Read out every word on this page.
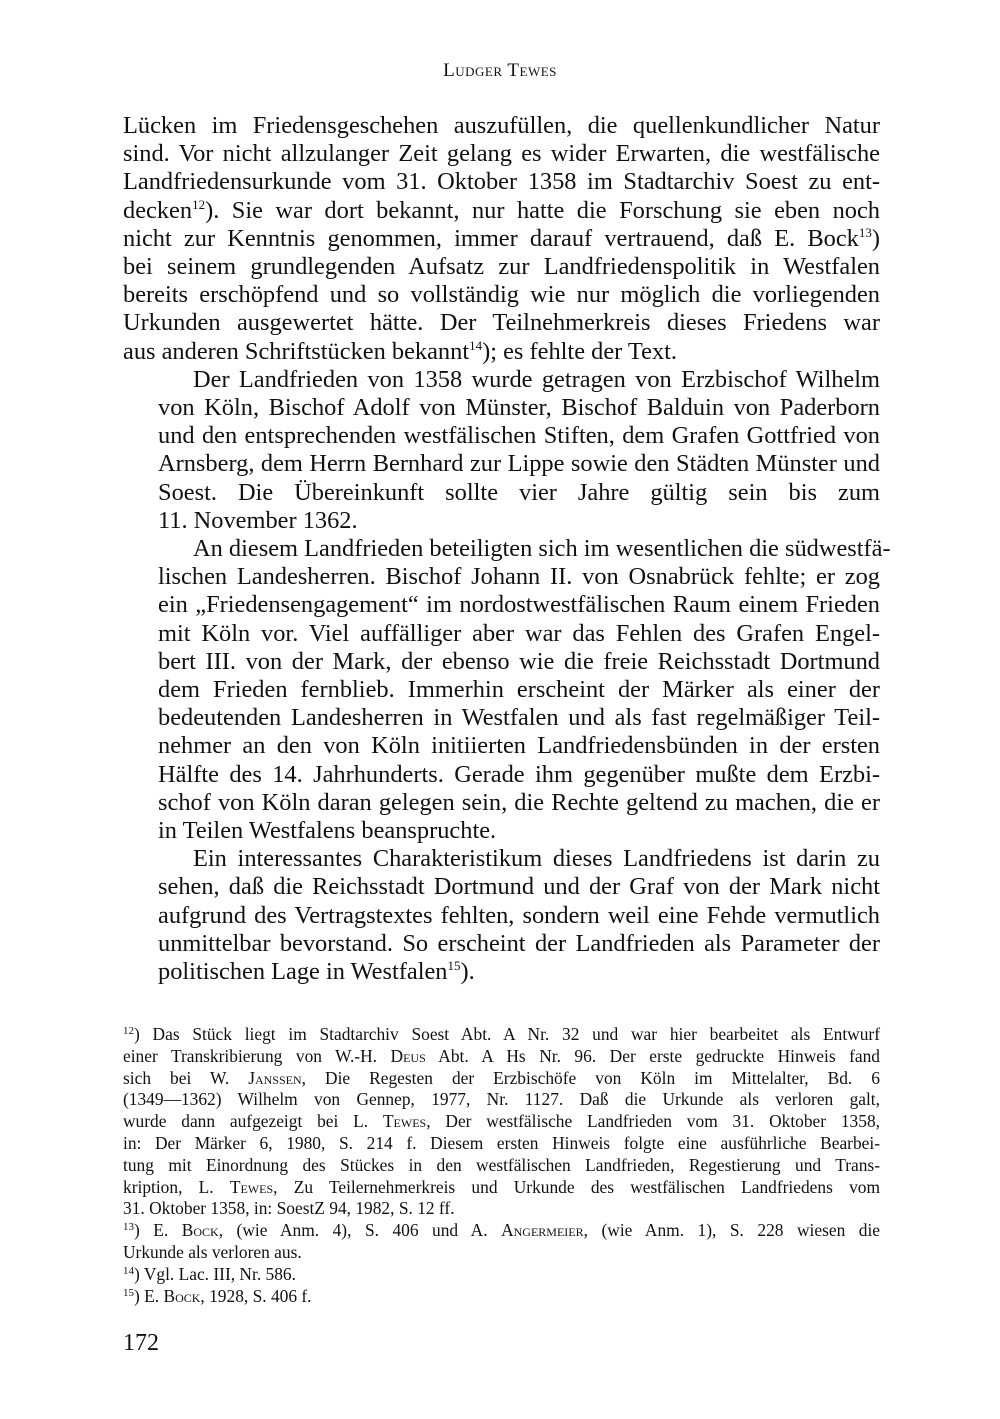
Ludger Tewes

Lücken im Friedensgeschehen auszufüllen, die quellenkundlicher Natur
sind. Vor nicht allzulanger Zeit gelang es wider Erwarten, die westfälische
Landfriedensurkunde vom 31. Oktober 1358 im Stadtarchiv Soest zu ent-
decken$^{12}$). Sie war dort bekannt, nur hatte die Forschung sie eben noch
nicht zur Kenntnis genommen, immer darauf vertrauend, daß E. Bock$^{13}$)
bei seinem grundlegenden Aufsatz zur Landfriedenspolitik in Westfalen
bereits erschöpfend und so vollständig wie nur möglich die vorliegenden
Urkunden ausgewertet hätte. Der Teilnehmerkreis dieses Friedens war
aus anderen Schriftstücken bekannt$^{14}$); es fehlte der Text.

Der Landfrieden von 1358 wurde getragen von Erzbischof Wilhelm
von Köln, Bischof Adolf von Münster, Bischof Balduin von Paderborn
und den entsprechenden westfälischen Stiften, dem Grafen Gottfried von
Arnsberg, dem Herrn Bernhard zur Lippe sowie den Städten Münster und
Soest. Die Übereinkunft sollte vier Jahre gültig sein bis zum
11. November 1362.

An diesem Landfrieden beteiligten sich im wesentlichen die südwestfä-
lischen Landesherren. Bischof Johann II. von Osnabrück fehlte; er zog
ein „Friedensengagement“ im nordostwestfälischen Raum einem Frieden
mit Köln vor. Viel auffälliger aber war das Fehlen des Grafen Engel-
bert III. von der Mark, der ebenso wie die freie Reichsstadt Dortmund
dem Frieden fernblieb. Immerhin erscheint der Märker als einer der
bedeutenden Landesherren in Westfalen und als fast regelmäßiger Teil-
nehmer an den von Köln initiierten Landfriedensbünden in der ersten
Hälfte des 14. Jahrhunderts. Gerade ihm gegenüber mußte dem Erzbi-
schof von Köln daran gelegen sein, die Rechte geltend zu machen, die er
in Teilen Westfalens beanspruchte.

Ein interessantes Charakteristikum dieses Landfriedens ist darin zu
sehen, daß die Reichsstadt Dortmund und der Graf von der Mark nicht
aufgrund des Vertragstextes fehlten, sondern weil eine Fehde vermutlich
unmittelbar bevorstand. So erscheint der Landfrieden als Parameter der
politischen Lage in Westfalen$^{15}$).

$^{12}$) Das Stück liegt im Stadtarchiv Soest Abt. A Nr. 32 und war hier bearbeitet als Entwurf
einer Transkribierung von W.-H. Deus Abt. A Hs Nr. 96. Der erste gedruckte Hinweis fand
sich bei W. Janssen, Die Regesten der Erzbischöfe von Köln im Mittelalter, Bd. 6
(1349—1362) Wilhelm von Gennep, 1977, Nr. 1127. Daß die Urkunde als verloren galt,
wurde dann aufgezeigt bei L. Tewes, Der westfälische Landfrieden vom 31. Oktober 1358,
in: Der Märker 6, 1980, S. 214 f. Diesem ersten Hinweis folgte eine ausführliche Bearbei-
tung mit Einordnung des Stückes in den westfälischen Landfrieden, Regestierung und Trans-
kription, L. Tewes, Zu Teilernehmerkreis und Urkunde des westfälischen Landfriedens vom
31. Oktober 1358, in: SoestZ 94, 1982, S. 12 ff.
$^{13}$) E. Bock, (wie Anm. 4), S. 406 und A. Angermeier, (wie Anm. 1), S. 228 wiesen die
Urkunde als verloren aus.
$^{14}$) Vgl. Lac. III, Nr. 586.
$^{15}$) E. Bock, 1928, S. 406 f.
172
